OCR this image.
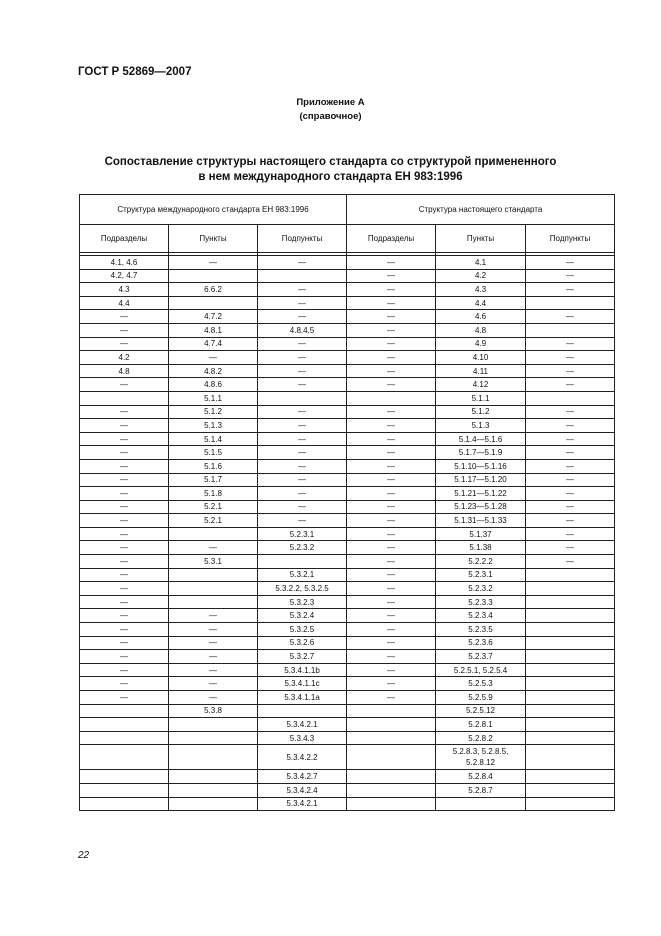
ГОСТ Р 52869—2007
Приложение А
(справочное)
Сопоставление структуры настоящего стандарта со структурой примененного
в нем международного стандарта ЕН 983:1996
Структура международного стандарта ЕН 983:1996			Структура настоящего стандарта		
Подразделы	Пункты	Подпункты	Подразделы	Пункты	Подпункты

4.1, 4.6	—	—	—	4.1	—
4.2, 4.7			—	4.2	—
4.3	6.6.2	—	—	4.3	—
4.4		—	—	4.4	
—	4.7.2	—	—	4.6	—
—	4.8.1	4.8.4.5	—	4.8	
—	4.7.4	—	—	4.9	—
4.2	—	—	—	4.10	—
4.8	4.8.2	—	—	4.11	—
—	4.8.6	—	—	4.12	—
	5.1.1			5.1.1	
—	5.1.2	—	—	5.1.2	—
—	5.1.3	—	—	5.1.3	—
—	5.1.4	—	—	5.1.4—5.1.6	—
—	5.1.5	—	—	5.1.7—5.1.9	—
—	5.1.6	—	—	5.1.10—5.1.16	—
—	5.1.7	—	—	5.1.17—5.1.20	—
—	5.1.8	—	—	5.1.21—5.1.22	—
—	5.2.1	—	—	5.1.23—5.1.28	—
—	5.2.1	—	—	5.1.31—5.1.33	—
—		5.2.3.1	—	5.1.37	—
—	—	5.2.3.2	—	5.1.38	—
—	5.3.1		—	5.2.2.2	—
—		5.3.2.1	—	5.2.3.1	
—		5.3.2.2, 5.3.2.5	—	5.2.3.2	
—		5.3.2.3	—	5.2.3.3	
—	—	5.3.2.4	—	5.2.3.4	
—	—	5.3.2.5	—	5.2.3.5	
—	—	5.3.2.6	—	5.2.3.6	
—	—	5.3.2.7	—	5.2.3.7	
—	—	5.3.4.1.1b	—	5.2.5.1, 5.2.5.4	
—	—	5.3.4.1.1c	—	5.2.5.3	
—	—	5.3.4.1.1a	—	5.2.5.9	
	5.3.8			5.2.5.12	
		5.3.4.2.1		5.2.8.1	
		5.3.4.3		5.2.8.2	
		5.3.4.2.2		5.2.8.3, 5.2.8.5, 5.2.8.12	
		5.3.4.2.7		5.2.8.4	
		5.3.4.2.4		5.2.8.7	
		5.3.4.2.1			
22
